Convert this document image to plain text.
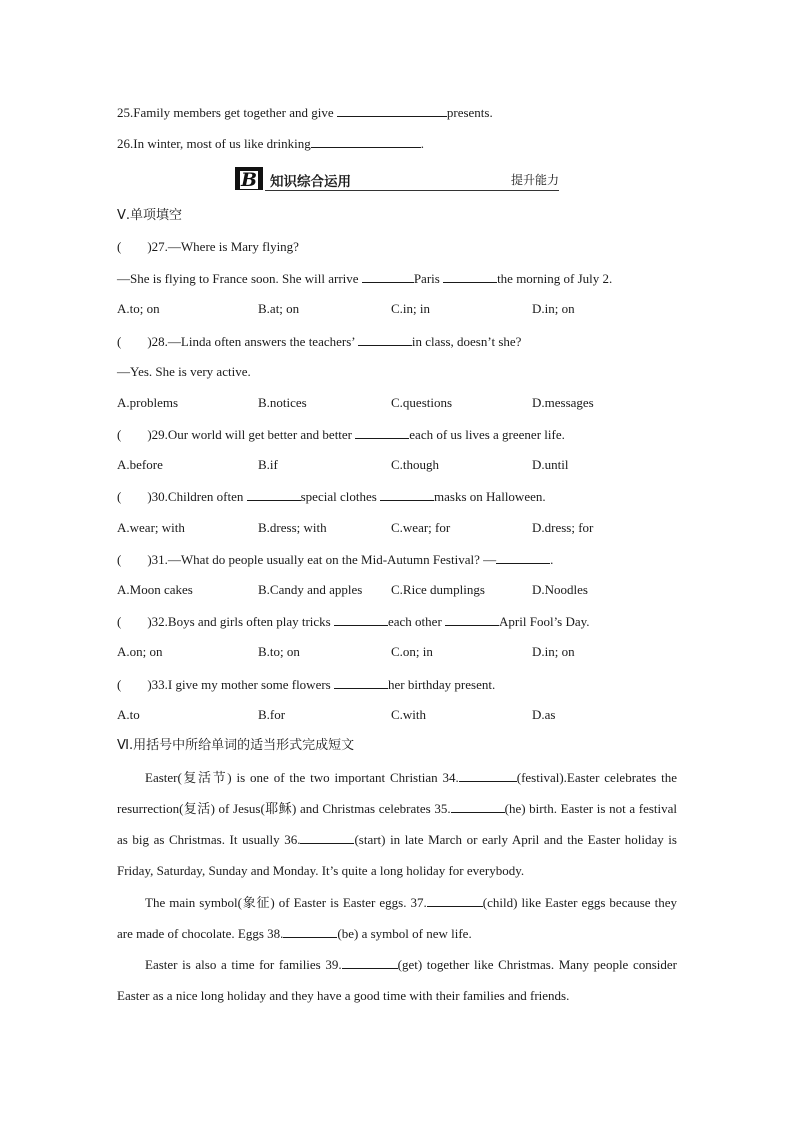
25.Family members get together and give	presents.
26.In winter, most of us like drinking	.
B 知识综合运用	提升能力
Ⅴ.单项填空
(　　)27.—Where is Mary flying?
—She is flying to France soon. She will arrive	Paris	the morning of July 2.
A.to; on	B.at; on	C.in; in	D.in; on
(　　)28.—Linda often answers the teachers’	in class, doesn’t she?
—Yes. She is very active.
A.problems	B.notices	C.questions	D.messages
(　　)29.Our world will get better and better	each of us lives a greener life.
A.before	B.if	C.though	D.until
(　　)30.Children often	special clothes	masks on Halloween.
A.wear; with	B.dress; with	C.wear; for	D.dress; for
(　　)31.—What do people usually eat on the Mid-Autumn Festival? —	.
A.Moon cakes	B.Candy and apples C.Rice dumplings	D.Noodles
(　　)32.Boys and girls often play tricks	each other	April Fool’s Day.
A.on; on	B.to; on	C.on; in	D.in; on
(　　)33.I give my mother some flowers	her birthday present.
A.to	B.for	C.with	D.as
Ⅵ.用括号中所给单词的适当形式完成短文
Easter(复活节) is one of the two important Christian 34.	(festival).Easter celebrates the resurrection(复活) of Jesus(耶稣) and Christmas celebrates 35.	(he) birth. Easter is not a festival as big as Christmas. It usually 36.	(start) in late March or early April and the Easter holiday is Friday, Saturday, Sunday and Monday. It’s quite a long holiday for everybody.
The main symbol(象征) of Easter is Easter eggs. 37.	(child) like Easter eggs because they are made of chocolate. Eggs 38.	(be) a symbol of new life.
Easter is also a time for families 39.	(get) together like Christmas. Many people consider Easter as a nice long holiday and they have a good time with their families and friends.
